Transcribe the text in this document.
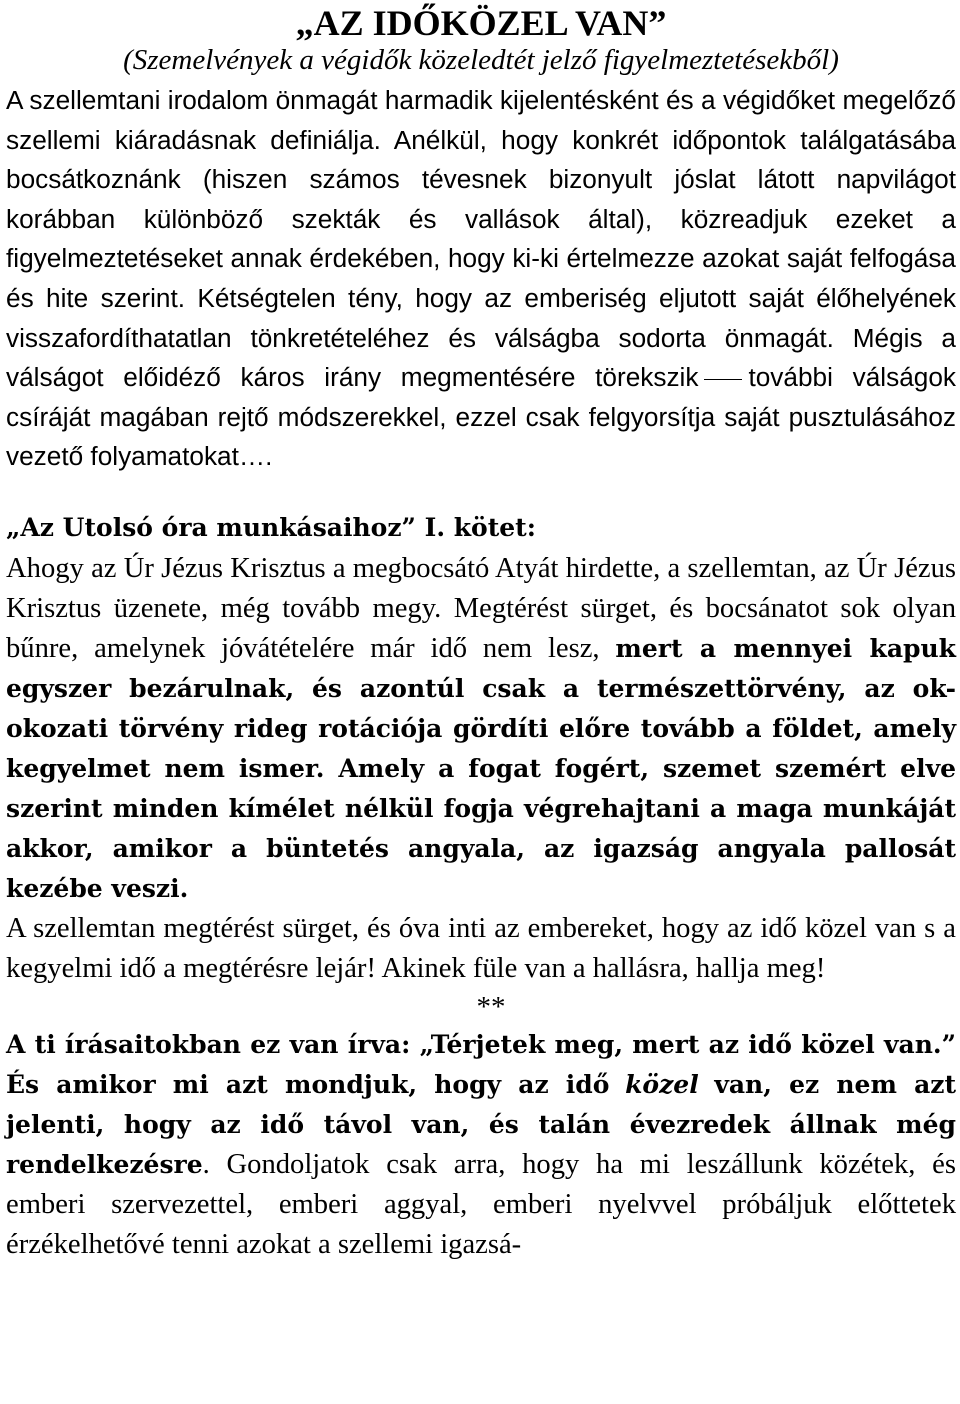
„AZ IDŐKÖZEL VAN”

(Szemelvények a végidők közeledtét jelző figyelmeztetésekből)

A szellemtani irodalom önmagát harmadik kijelentésként és a végidőket megelőző szellemi kiáradásnak definiálja. Anélkül, hogy konkrét időpontok találgatásába bocsátkoznánk (hiszen számos tévesnek bizonyult jóslat látott napvilágot korábban különböző szekták és vallások által), közreadjuk ezeket a figyelmeztetéseket annak érdekében, hogy ki-ki értelmezze azokat saját felfogása és hite szerint. Kétségtelen tény, hogy az emberiség eljutott saját élőhelyének visszafordíthatatlan tönkretételéhez és válságba sodorta önmagát. Mégis a válságot előidéző káros irány megmentésére törekszik további válságok csíráját magában rejtő módszerekkel, ezzel csak felgyorsítja saját pusztulásához vezető folyamatokat….

„Az Utolsó óra munkásaihoz” I. kötet:

Ahogy az Úr Jézus Krisztus a megbocsátó Atyát hirdette, a szellemtan, az Úr Jézus Krisztus üzenete, még tovább megy. Megtérést sürget, és bocsánatot sok olyan bűnre, amelynek jóvátételére már idő nem lesz, mert a mennyei kapuk egyszer bezárulnak, és azontúl csak a természettörvény, az ok-okozati törvény rideg rotációja gördíti előre tovább a földet, amely kegyelmet nem ismer. Amely a fogat fogért, szemet szemért elve szerint minden kímélet nélkül fogja végrehajtani a maga munkáját akkor, amikor a büntetés angyala, az igazság angyala pallosát kezébe veszi.

A szellemtan megtérést sürget, és óva inti az embereket, hogy az idő közel van s a kegyelmi idő a megtérésre lejár! Akinek füle van a hallásra, hallja meg!

**

A ti írásaitokban ez van írva: „Térjetek meg, mert az idő közel van.” És amikor mi azt mondjuk, hogy az idő közel van, ez nem azt jelenti, hogy az idő távol van, és talán évezredek állnak még rendelkezésre. Gondoljatok csak arra, hogy ha mi leszállunk közétek, és emberi szervezettel, emberi aggyal, emberi nyelvvel próbáljuk előttetek érzékelhetővé tenni azokat a szellemi igazsá-
